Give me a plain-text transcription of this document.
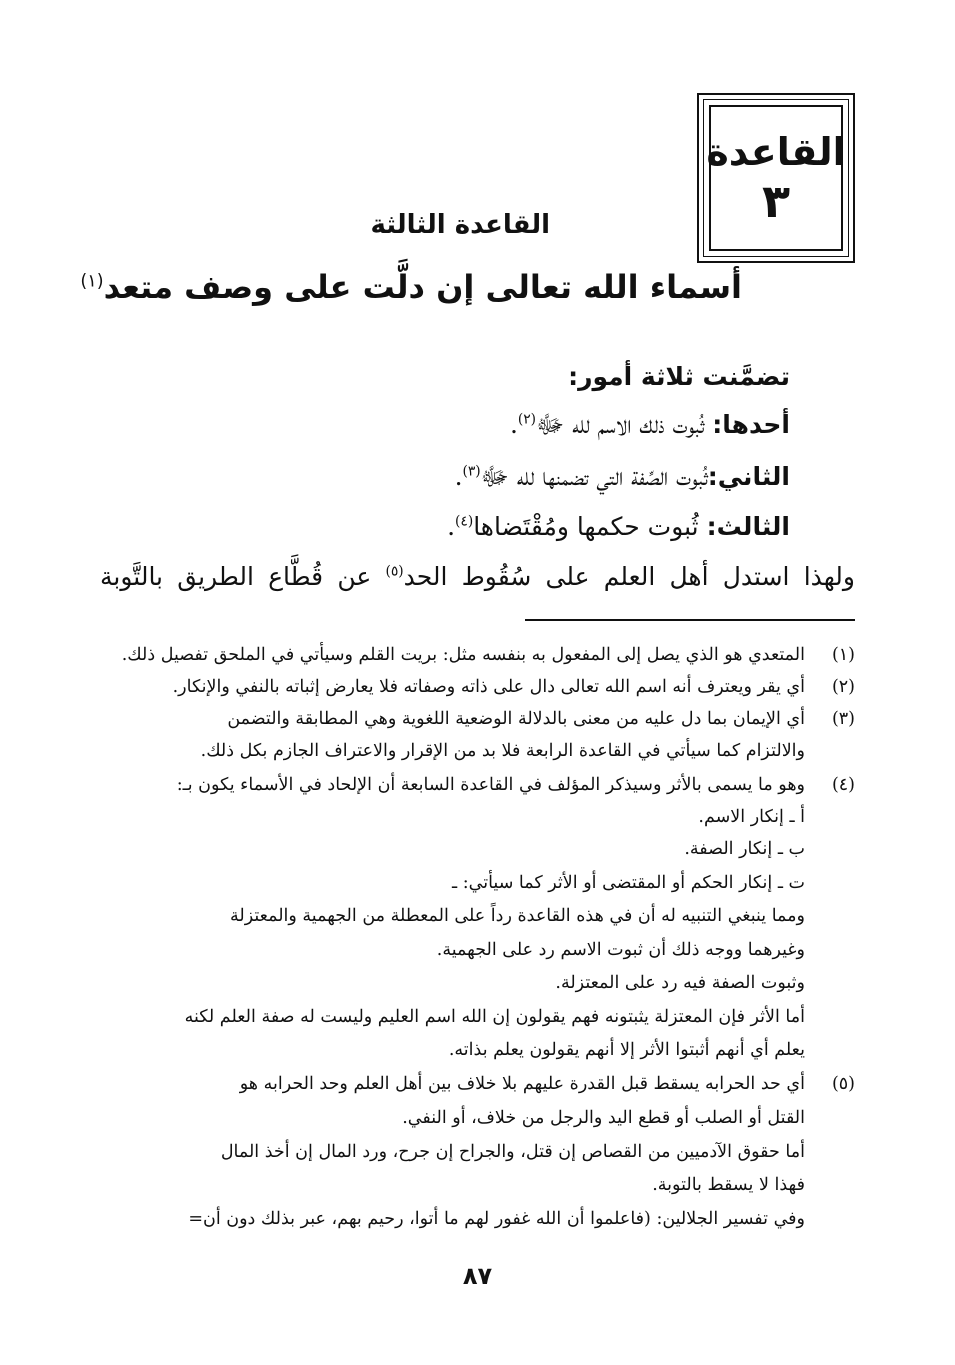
القاعدة
٣
القاعدة الثالثة
أسماء الله تعالى إن دلَّت على وصف متعد$^{(١)}$
تضمَّنت ثلاثة أمور:
أحدها: ثُبوت ذلك الاسم لله ﷻ$^{(٢)}$.
الثاني:ثُبوت الصِّفة التي تضمنها لله ﷻ$^{(٣)}$.
الثالث: ثُبوت حكمها ومُقْتَضاها$^{(٤)}$.
ولهذا استدل أهل العلم على سُقُوط الحد$^{(٥)}$ عن قُطَّاع الطريق بالتَّوبة
(١)المتعدي هو الذي يصل إلى المفعول به بنفسه مثل: بريت القلم وسيأتي في الملحق تفصيل ذلك.
(٢)أي يقر ويعترف أنه اسم الله تعالى دال على ذاته وصفاته فلا يعارض إثباته بالنفي والإنكار.
(٣)أي الإيمان بما دل عليه من معنى بالدلالة الوضعية اللغوية وهي المطابقة والتضمن
والالتزام كما سيأتي في القاعدة الرابعة فلا بد من الإقرار والاعتراف الجازم بكل ذلك.
(٤)وهو ما يسمى بالأثر وسيذكر المؤلف في القاعدة السابعة أن الإلحاد في الأسماء يكون بـ:
أ ـ إنكار الاسم.
ب ـ إنكار الصفة.
ت ـ إنكار الحكم أو المقتضى أو الأثر كما سيأتي: ـ
ومما ينبغي التنبيه له أن في هذه القاعدة رداً على المعطلة من الجهمية والمعتزلة
وغيرهما ووجه ذلك أن ثبوت الاسم رد على الجهمية.
وثبوت الصفة فيه رد على المعتزلة.
أما الأثر فإن المعتزلة يثبتونه فهم يقولون إن الله اسم العليم وليست له صفة العلم لكنه
يعلم أي أنهم أثبتوا الأثر إلا أنهم يقولون يعلم بذاته.
(٥)أي حد الحرابه يسقط قبل القدرة عليهم بلا خلاف بين أهل العلم وحد الحرابه هو
القتل أو الصلب أو قطع اليد والرجل من خلاف، أو النفي.
أما حقوق الآدميين من القصاص إن قتل، والجراح إن جرح، ورد المال إن أخذ المال
فهذا لا يسقط بالتوبة.
وفي تفسير الجلالين: (فاعلموا أن الله غفور لهم ما أتوا، رحيم بهم، عبر بذلك دون أن=
٨٧
